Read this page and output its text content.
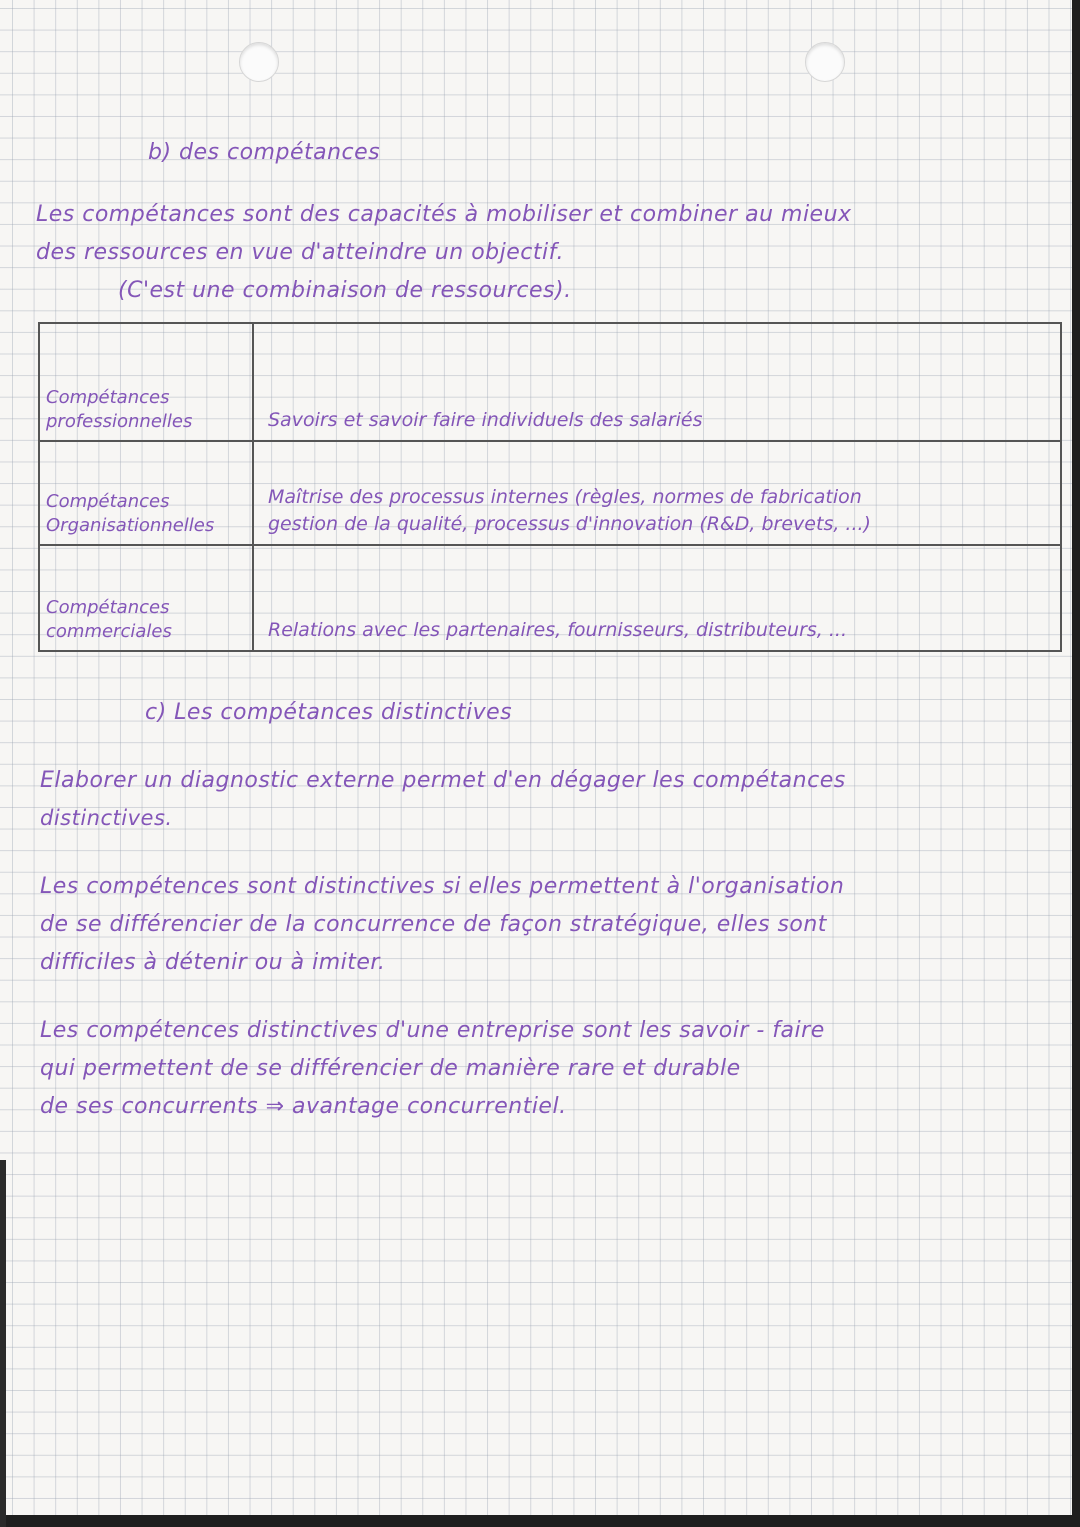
b) des compétances

Les compétances sont des capacités à mobiliser et combiner au mieux

des ressources en vue d'atteindre un objectif.

(C'est une combinaison de ressources).

Compétances professionnelles	Savoirs et savoir faire individuels des salariés
Compétances Organisationnelles	Maîtrise des processus internes (règles, normes de fabrication
gestion de la qualité, processus d'innovation (R&D, brevets, ...)

Compétances commerciales	Relations avec les partenaires, fournisseurs, distributeurs, ...

c) Les compétances distinctives

Elaborer un diagnostic externe permet d'en dégager les compétances

distinctives.

Les compétences sont distinctives si elles permettent à l'organisation

de se différencier de la concurrence de façon stratégique, elles sont

difficiles à détenir ou à imiter.

Les compétences distinctives d'une entreprise sont les savoir - faire

qui permettent de se différencier de manière rare et durable

de ses concurrents ⇒ avantage concurrentiel.
